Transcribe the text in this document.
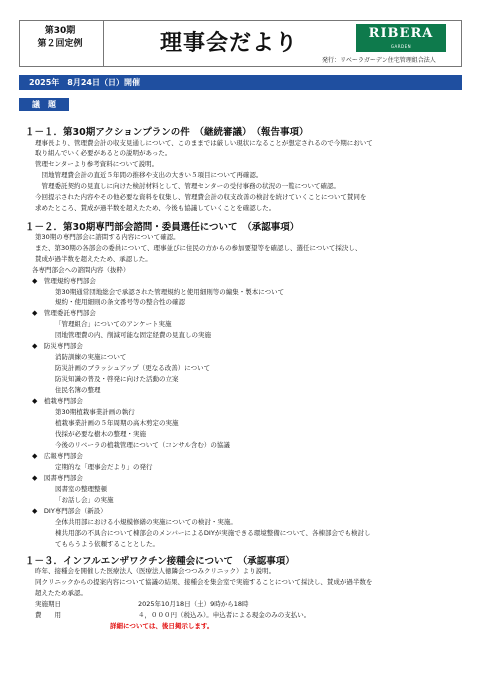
第30期
第２回定例	理事会だより	RIBERA
GARDEN
発行：リベーラガーデン住宅管理組合法人
2025年　8月24日（日）開催
議　題
１－１．第30期アクションプランの件　（継続審議）　（報告事項）
理事長より、管理費会計の収支見通しについて、このままでは厳しい現状になることが想定されるので今期において
取り組んでいく必要があるとの説明があった。
管理センターより参考資料について説明。
　団地管理費会計の直近５年間の推移や支出の大きい５項目について再確認。
　管理委託契約の見直しに向けた検討材料として、管理センターの受付事務の状況の一覧について確認。
今回提示された内容やその他必要な資料を収集し、管理費会計の収支改善の検討を続けていくことについて賛同を
求めたところ、賛成が過半数を超えたため、今後も協議していくことを確認した。
１－２．第30期専門部会諮問・委員選任について　（承認事項）
第30期の専門部会に諮問する内容について確認。
また、第30期の各部会の委員について、理事並びに住民の方からの参加要望等を確認し、選任について採決し、
賛成が過半数を超えたため、承認した。
各専門部会への諮問内容（抜粋）
◆　 管理規約専門部会
第30期通常団地総会で承認された管理規約と使用細則等の編集・製本について
規約・使用細則の条文番号等の整合性の確認
◆　 管理委託専門部会
「管理組合」についてのアンケート実施
団地管理費の内、削減可能な固定経費の見直しの実施
◆　 防災専門部会
消防訓練の実施について
防災計画のブラッシュアップ（更なる改善）について
防災知識の普及・啓発に向けた活動の立案
住民名簿の整理
◆　 植栽専門部会
第30期植栽事業計画の執行
植栽事業計画の５年周期の高木剪定の実施
伐採が必要な樹木の整理・実施
今後のリベーラの植栽管理について（コンサル含む）の協議
◆　 広報専門部会
定期的な「理事会だより」の発行
◆　 図書専門部会
図書室の整理整頓
「お話し会」の実施
◆　 DIY専門部会（新設）
全体共用部における小規模修繕の実施についての検討・実施。
棟共用部の不具合について棟部会のメンバーによるDIYが実施できる環境整備について、各棟部会でも検討し
てもらうよう依頼することとした。
１－３．インフルエンザワクチン接種会について　（承認事項）
昨年、接種会を開催した医療法人（医療法人徳隣会つつみクリニック）より説明。
同クリニックからの提案内容について協議の結果、接種会を集会室で実施することについて採決し、賛成が過半数を
超えたため承認。
実施期日	2025年10月18日（土）9時から18時
費　　用	４，０００円（税込み）。申込者による現金のみの支払い。
詳細については、後日掲示します。
